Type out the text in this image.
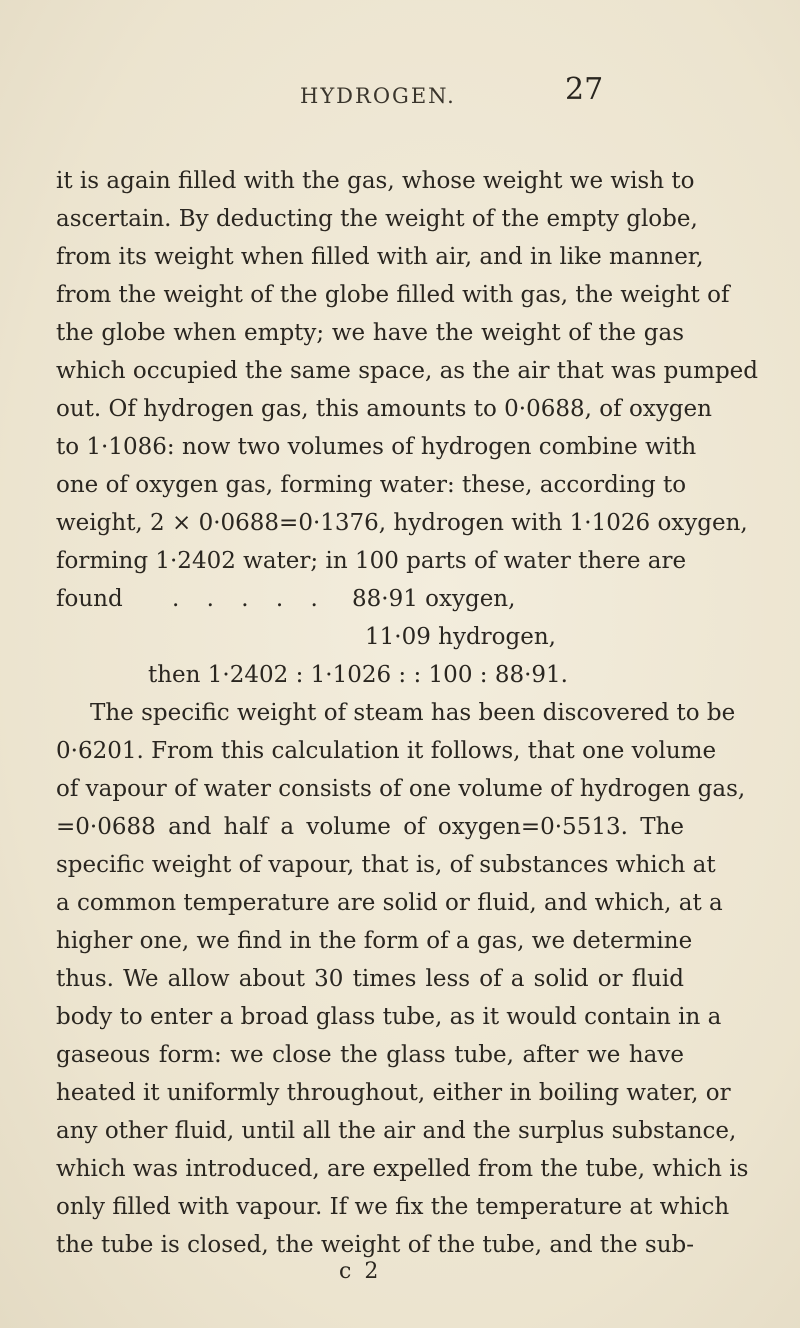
HYDROGEN.	27
it is again filled with the gas, whose weight we wish to
ascertain. By deducting the weight of the empty globe,
from its weight when filled with air, and in like manner,
from the weight of the globe filled with gas, the weight of
the globe when empty; we have the weight of the gas
which occupied the same space, as the air that was pumped
out. Of hydrogen gas, this amounts to 0·0688, of oxygen
to 1·1086: now two volumes of hydrogen combine with
one of oxygen gas, forming water: these, according to
weight, 2 × 0·0688=0·1376, hydrogen with 1·1026 oxygen,
forming 1·2402 water; in 100 parts of water there are
found . . . . . 88·91 oxygen,
11·09 hydrogen,
then 1·2402 : 1·1026 : : 100 : 88·91.
The specific weight of steam has been discovered to be
0·6201. From this calculation it follows, that one volume
of vapour of water consists of one volume of hydrogen gas,
=0·0688 and half a volume of oxygen=0·5513. The
specific weight of vapour, that is, of substances which at
a common temperature are solid or fluid, and which, at a
higher one, we find in the form of a gas, we determine
thus. We allow about 30 times less of a solid or fluid
body to enter a broad glass tube, as it would contain in a
gaseous form: we close the glass tube, after we have
heated it uniformly throughout, either in boiling water, or
any other fluid, until all the air and the surplus substance,
which was introduced, are expelled from the tube, which is
only filled with vapour. If we fix the temperature at which
the tube is closed, the weight of the tube, and the sub-
c 2
